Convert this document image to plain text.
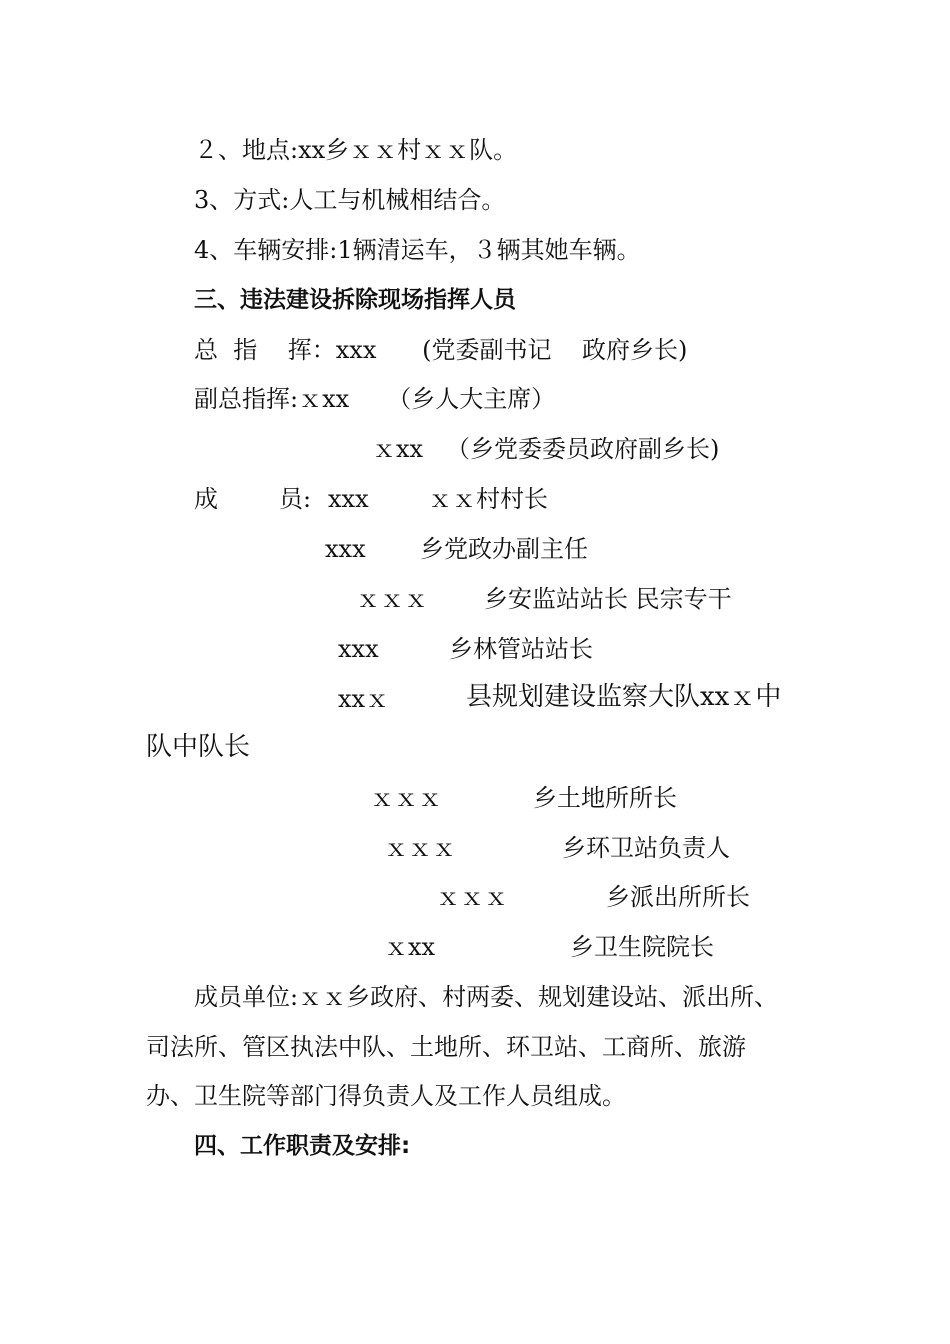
２、地点:xx乡ｘｘ村ｘｘ队。
3、方式:人工与机械相结合。
4、车辆安排:1辆清运车，３辆其她车辆。
三、违法建设拆除现场指挥人员
总  指    挥：xxx      (党委副书记    政府乡长)
副总指挥:ｘxx     （乡人大主席）
ｘxx   （乡党委委员政府副乡长)
成        员: xxx ｘｘ村村长
xxx 乡党政办副主任
ｘｘｘ 乡安监站站长 民宗专干
xxx	乡林管站站长
xxｘ	县规划建设监察大队xxｘ中
队中队长
ｘｘｘ	乡土地所所长
ｘｘｘ	乡环卫站负责人
ｘｘｘ	乡派出所所长
ｘxx	乡卫生院院长
成员单位:ｘｘ乡政府、村两委、规划建设站、派出所、
司法所、管区执法中队、土地所、环卫站、工商所、旅游
办、卫生院等部门得负责人及工作人员组成。
四、工作职责及安排:
